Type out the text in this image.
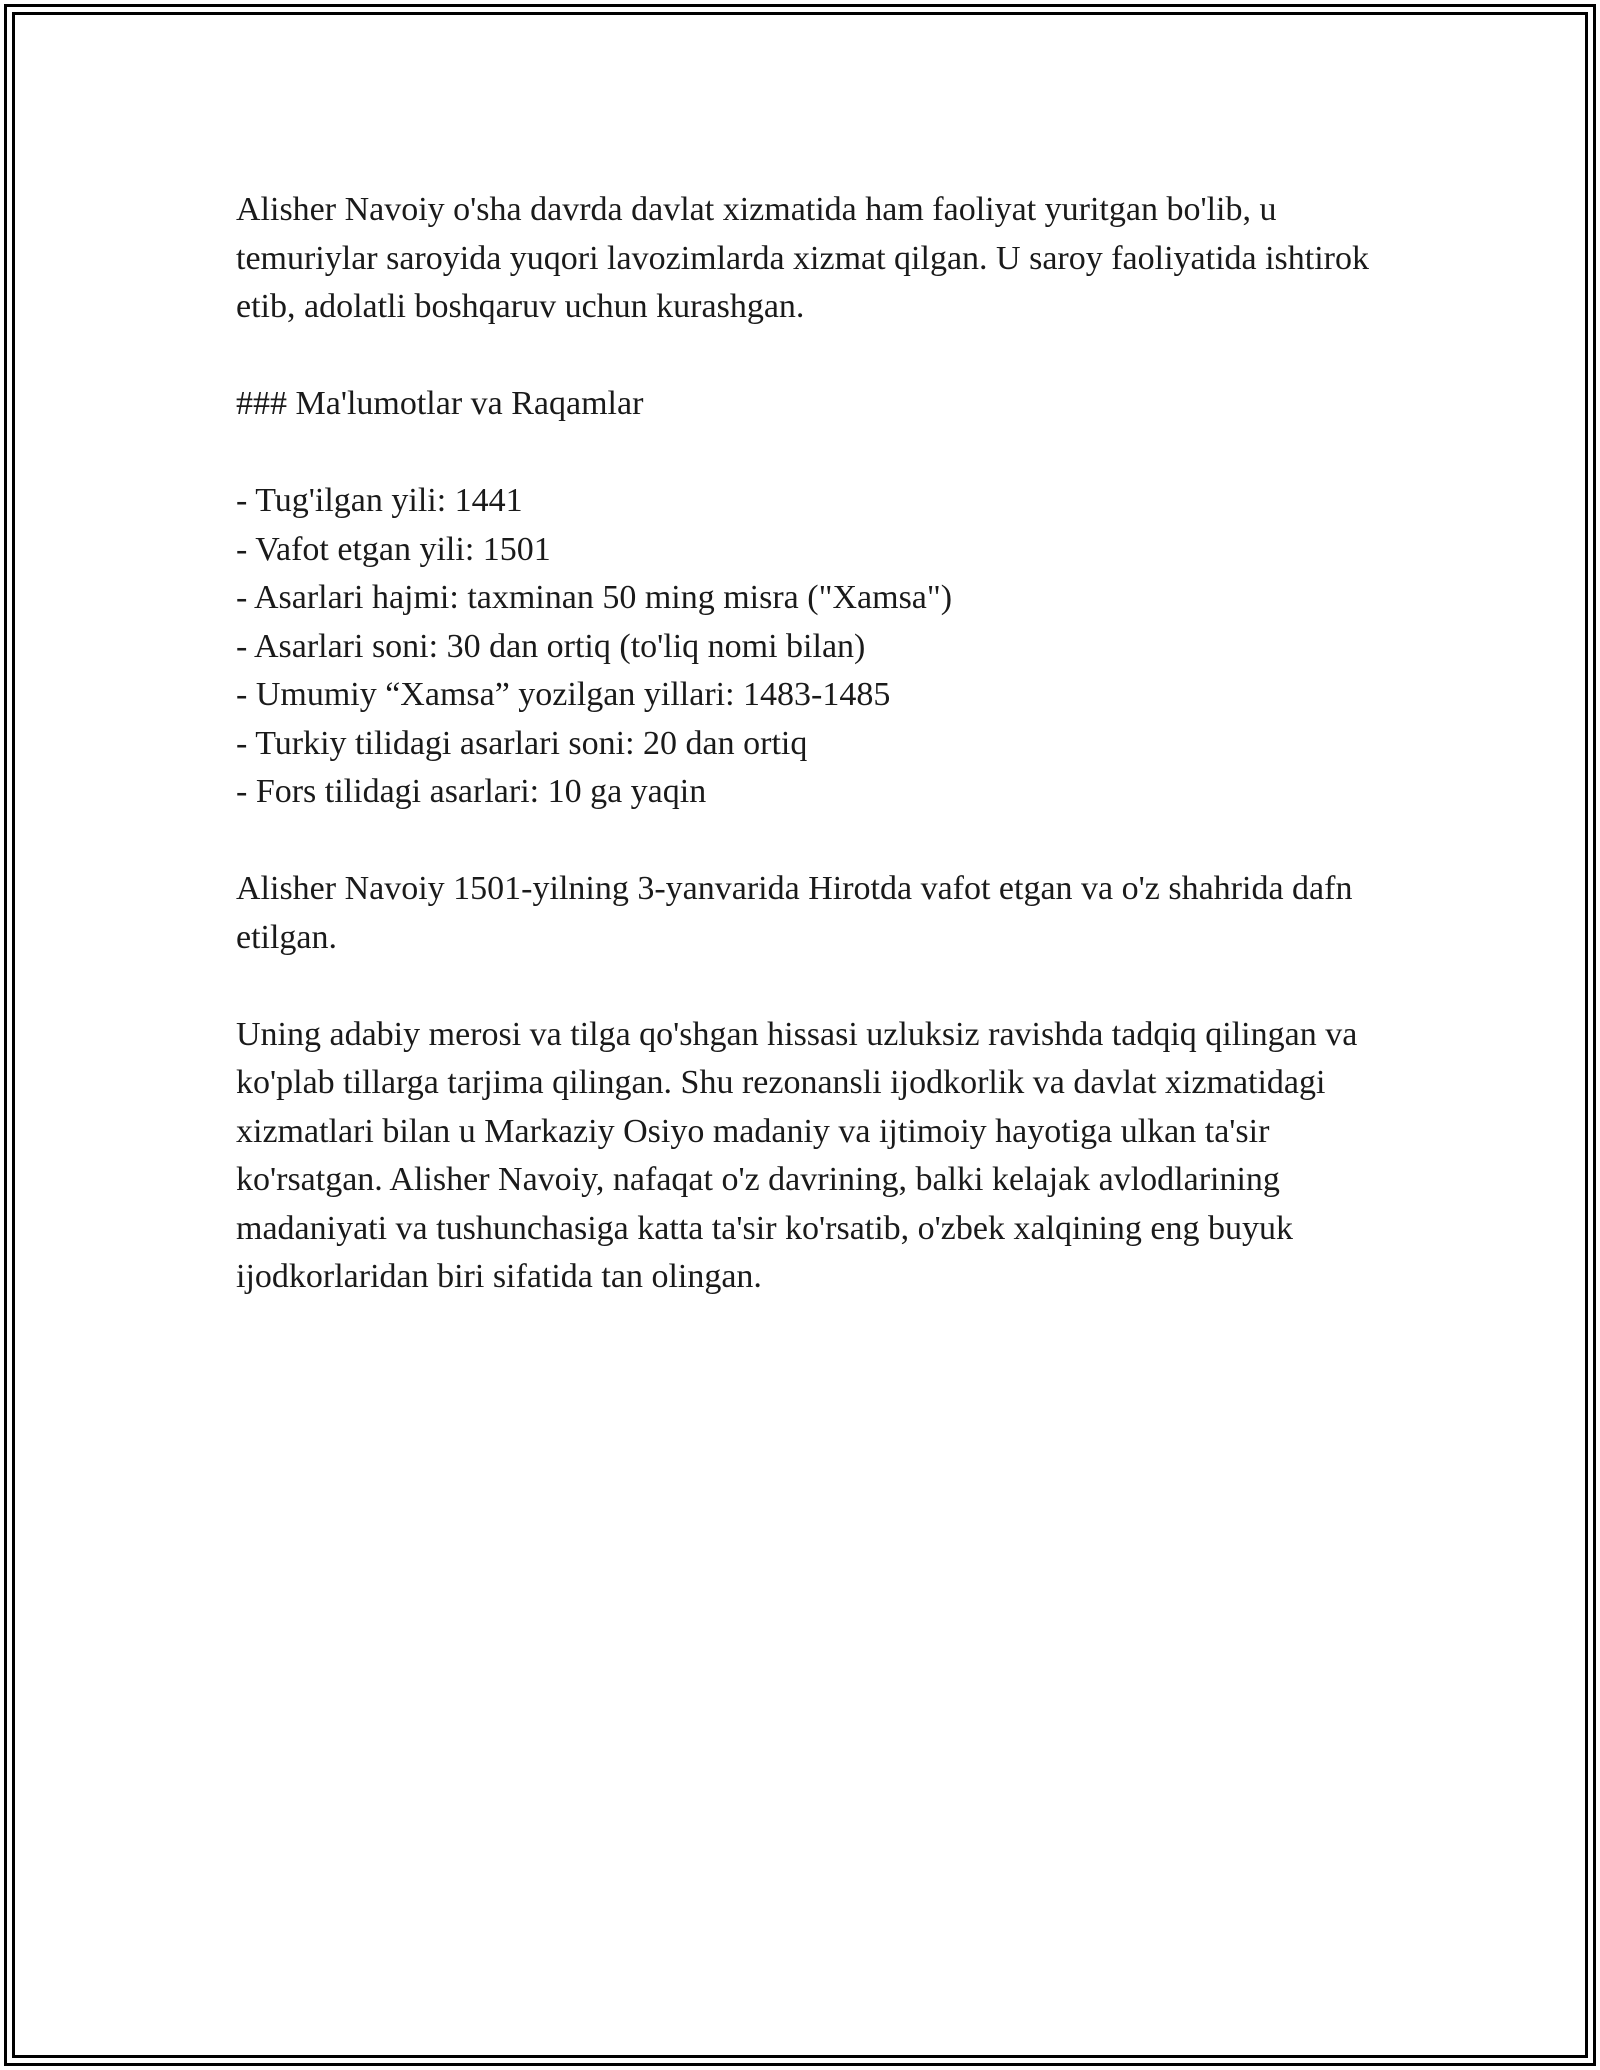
Alisher Navoiy o'sha davrda davlat xizmatida ham faoliyat yuritgan bo'lib, u temuriylar saroyida yuqori lavozimlarda xizmat qilgan. U saroy faoliyatida ishtirok etib, adolatli boshqaruv uchun kurashgan.

### Ma'lumotlar va Raqamlar

- Tug'ilgan yili: 1441
- Vafot etgan yili: 1501
- Asarlari hajmi: taxminan 50 ming misra ("Xamsa")
- Asarlari soni: 30 dan ortiq (to'liq nomi bilan)
- Umumiy “Xamsa” yozilgan yillari: 1483-1485
- Turkiy tilidagi asarlari soni: 20 dan ortiq
- Fors tilidagi asarlari: 10 ga yaqin

Alisher Navoiy 1501-yilning 3-yanvarida Hirotda vafot etgan va o'z shahrida dafn etilgan.

Uning adabiy merosi va tilga qo'shgan hissasi uzluksiz ravishda tadqiq qilingan va ko'plab tillarga tarjima qilingan. Shu rezonansli ijodkorlik va davlat xizmatidagi xizmatlari bilan u Markaziy Osiyo madaniy va ijtimoiy hayotiga ulkan ta'sir ko'rsatgan. Alisher Navoiy, nafaqat o'z davrining, balki kelajak avlodlarining madaniyati va tushunchasiga katta ta'sir ko'rsatib, o'zbek xalqining eng buyuk ijodkorlaridan biri sifatida tan olingan.
